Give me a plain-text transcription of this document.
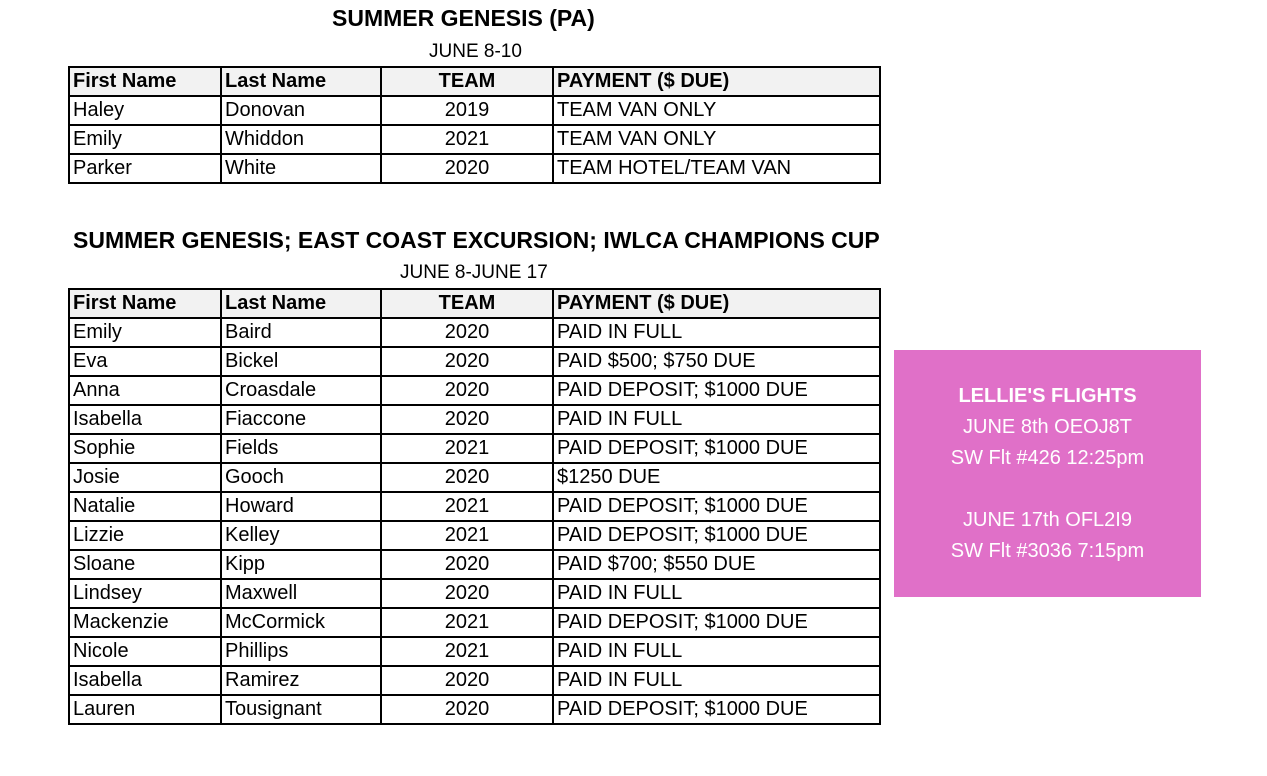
SUMMER GENESIS (PA)
JUNE 8-10
First Name	Last Name	TEAM	PAYMENT ($ DUE)
Haley	Donovan	2019	TEAM VAN ONLY
Emily	Whiddon	2021	TEAM VAN ONLY
Parker	White	2020	TEAM HOTEL/TEAM VAN
SUMMER GENESIS; EAST COAST EXCURSION; IWLCA CHAMPIONS CUP
JUNE 8-JUNE 17
First Name	Last Name	TEAM	PAYMENT ($ DUE)
Emily	Baird	2020	PAID IN FULL
Eva	Bickel	2020	PAID $500; $750 DUE
Anna	Croasdale	2020	PAID DEPOSIT; $1000 DUE
Isabella	Fiaccone	2020	PAID IN FULL
Sophie	Fields	2021	PAID DEPOSIT; $1000 DUE
Josie	Gooch	2020	$1250 DUE
Natalie	Howard	2021	PAID DEPOSIT; $1000 DUE
Lizzie	Kelley	2021	PAID DEPOSIT; $1000 DUE
Sloane	Kipp	2020	PAID $700; $550 DUE
Lindsey	Maxwell	2020	PAID IN FULL
Mackenzie	McCormick	2021	PAID DEPOSIT; $1000 DUE
Nicole	Phillips	2021	PAID IN FULL
Isabella	Ramirez	2020	PAID IN FULL
Lauren	Tousignant	2020	PAID DEPOSIT; $1000 DUE
LELLIE'S FLIGHTS
JUNE 8th OEOJ8T
SW Flt #426 12:25pm
JUNE 17th OFL2I9
SW Flt #3036 7:15pm
